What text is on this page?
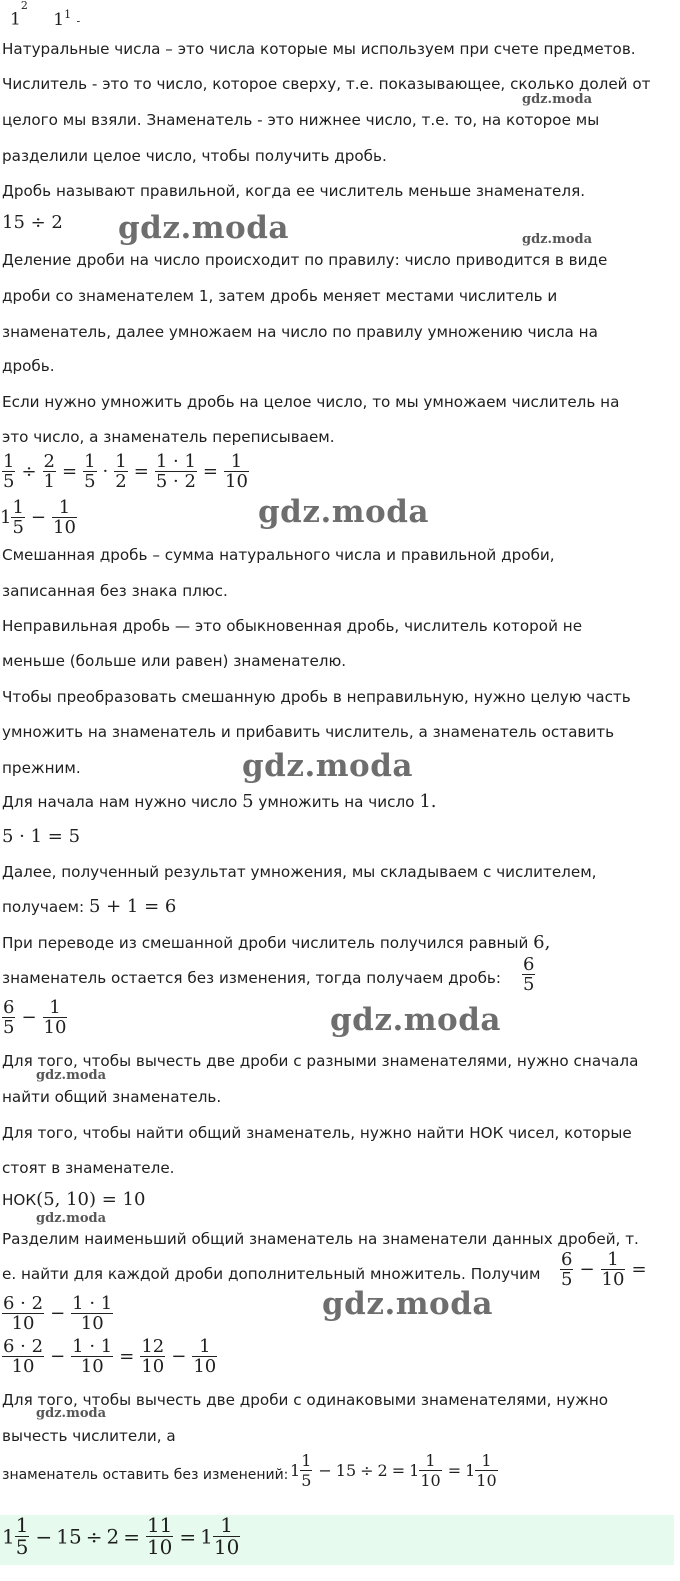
$1^2$ $1^1$ -
Натуральные числа – это числа которые мы используем при счете предметов.
Числитель - это то число, которое сверху, т.е. показывающее, сколько долей от
целого мы взяли. Знаменатель - это нижнее число, т.е. то, на которое мы
разделили целое число, чтобы получить дробь.
Дробь называют правильной, когда ее числитель меньше знаменателя.
15 ÷ 2
Деление дроби на число происходит по правилу: число приводится в виде
дроби со знаменателем 1, затем дробь меняет местами числитель и
знаменатель, далее умножаем на число по правилу умножению числа на
дробь.
Если нужно умножить дробь на целое число, то мы умножаем числитель на
это число, а знаменатель переписываем.
$\frac{1}{5} \div \frac{2}{1} = \frac{1}{5} \cdot \frac{1}{2} = \frac{1 \cdot 1}{5 \cdot 2} = \frac{1}{10}$
$1 \frac{1}{5} - \frac{1}{10}$
Смешанная дробь – сумма натурального числа и правильной дроби,
записанная без знака плюс.
Неправильная дробь — это обыкновенная дробь, числитель которой не
меньше (больше или равен) знаменателю.
Чтобы преобразовать смешанную дробь в неправильную, нужно целую часть
умножить на знаменатель и прибавить числитель, а знаменатель оставить
прежним.
Для начала нам нужно число 5 умножить на число 1.
5 · 1 = 5
Далее, полученный результат умножения, мы складываем с числителем,
получаем: 5 + 1 = 6
При переводе из смешанной дроби числитель получился равный 6,
знаменатель остается без изменения, тогда получаем дробь: $\frac{6}{5}$
$\frac{6}{5} - \frac{1}{10}$
Для того, чтобы вычесть две дроби с разными знаменателями, нужно сначала
найти общий знаменатель.
Для того, чтобы найти общий знаменатель, нужно найти НОК чисел, которые
стоят в знаменателе.
НОК(5, 10) = 10
Разделим наименьший общий знаменатель на знаменатели данных дробей, т.
е. найти для каждой дроби дополнительный множитель. Получим $\frac{6}{5} - \frac{1}{10}$ =
$\frac{6 \cdot 2}{10} - \frac{1 \cdot 1}{10}$
$\frac{6 \cdot 2}{10} - \frac{1 \cdot 1}{10} = \frac{12}{10} - \frac{1}{10}$
Для того, чтобы вычесть две дроби с одинаковыми знаменателями, нужно
вычесть числители, а
знаменатель оставить без изменений: $1 \frac{1}{5} - 15 \div 2 = 1 \frac{1}{10} = 1 \frac{1}{10}$
$1 \frac{1}{5} - 15 \div 2 = \frac{11}{10} = 1 \frac{1}{10}$
gdz.moda
gdz.moda	gdz.moda
gdz.moda
gdz.moda
gdz.moda
gdz.moda
gdz.moda
gdz.moda
gdz.moda
